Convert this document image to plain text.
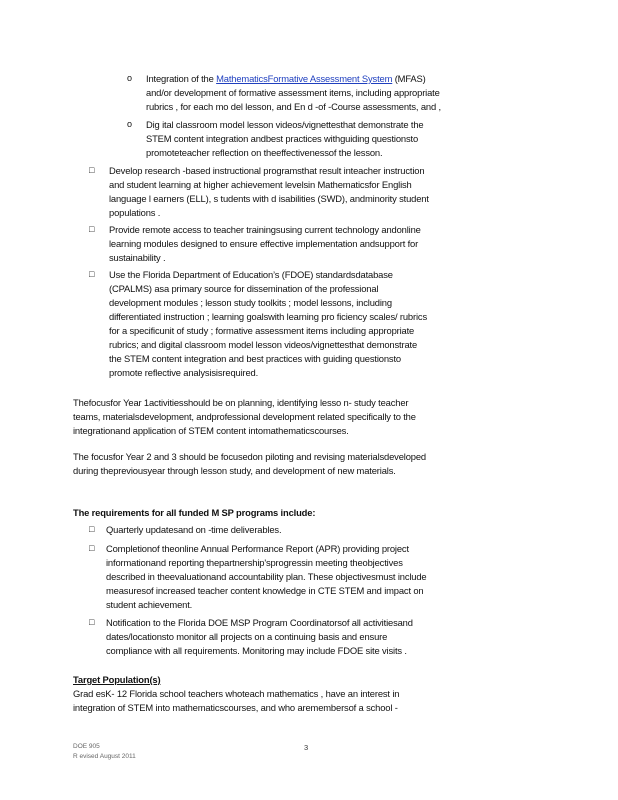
o Integration of the MathematicsFormative Assessment System (MFAS)
and/or development of formative assessment items, including appropriate
rubrics , for each mo del lesson, and En d -of -Course assessments, and ,
o Dig ital classroom model lesson videos/vignettesthat demonstrate the
STEM content integration andbest practices withguiding questionsto
promoteteacher reflection on theeffectivenessof the lesson.
□ Develop research -based instructional programsthat result inteacher instruction
and student learning at higher achievement levelsin Mathematicsfor English
language l earners (ELL), s tudents with d isabilities (SWD), andminority student
populations .
□ Provide remote access to teacher trainingsusing current technology andonline
learning modules designed to ensure effective implementation andsupport for
sustainability .
□ Use the Florida Department of Education’s (FDOE) standardsdatabase
(CPALMS) asa primary source for dissemination of the professional
development modules ; lesson study toolkits ; model lessons, including
differentiated instruction ; learning goalswith learning pro ficiency scales/ rubrics
for a specificunit of study ; formative assessment items including appropriate
rubrics; and digital classroom model lesson videos/vignettesthat demonstrate
the STEM content integration and best practices with guiding questionsto
promote reflective analysisisrequired.
Thefocusfor Year 1activitiesshould be on planning, identifying lesso n- study teacher
teams, materialsdevelopment, andprofessional development related specifically to the
integrationand application of STEM content intomathematicscourses.
The focusfor Year 2 and 3 should be focusedon piloting and revising materialsdeveloped
during thepreviousyear through lesson study, and development of new materials.
The requirements for all funded M SP programs include:
□ Quarterly updatesand on -time deliverables.
□ Completionof theonline Annual Performance Report (APR) providing project
informationand reporting thepartnership'sprogressin meeting theobjectives
described in theevaluationand accountability plan. These objectivesmust include
measuresof increased teacher content knowledge in CTE STEM and impact on
student achievement.
□ Notification to the Florida DOE MSP Program Coordinatorsof all activitiesand
dates/locationsto monitor all projects on a continuing basis and ensure
compliance with all requirements. Monitoring may include FDOE site visits .
Target Population(s)
Grad esK- 12 Florida school teachers whoteach mathematics , have an interest in
integration of STEM into mathematicscourses, and who aremembersof a school -
DOE 905
R evised August 2011
3
